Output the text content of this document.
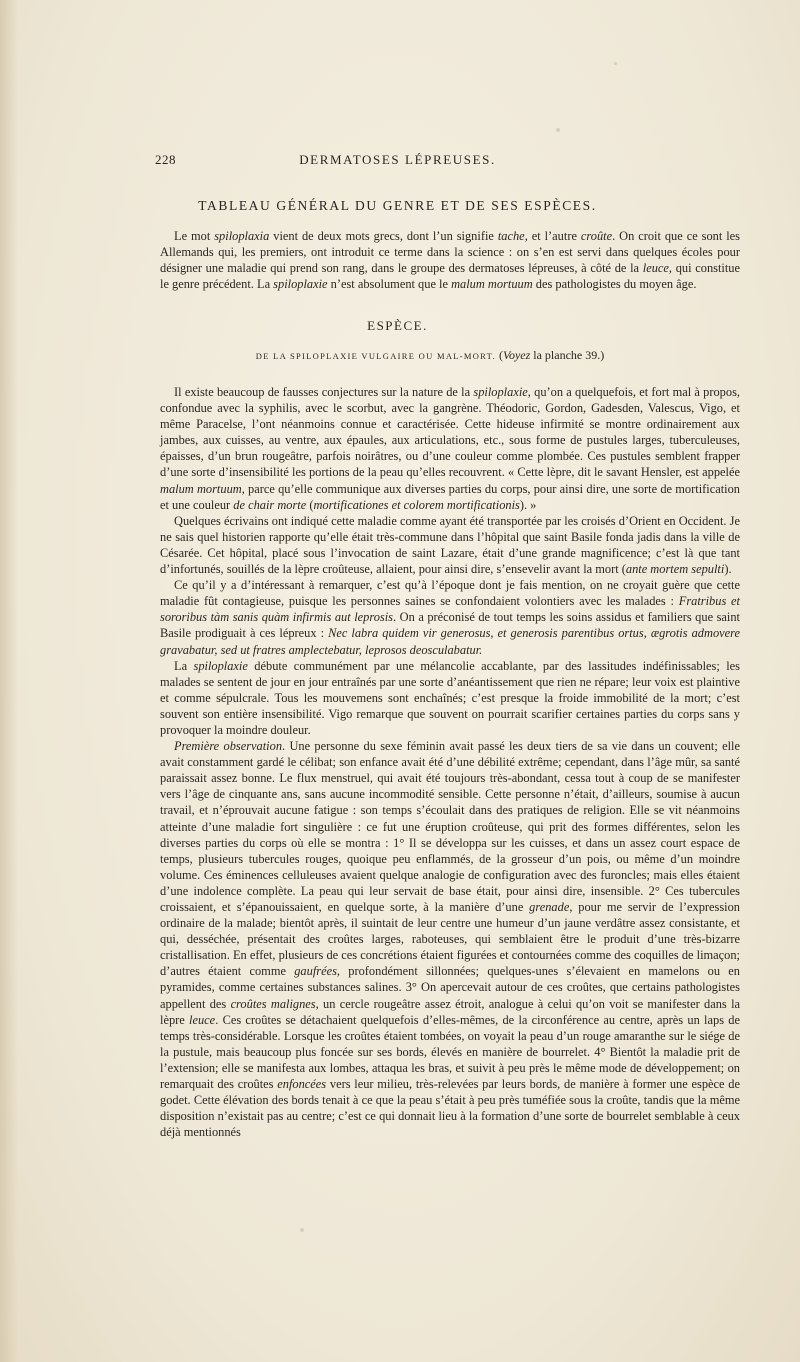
228	DERMATOSES LÉPREUSES.
TABLEAU GÉNÉRAL DU GENRE ET DE SES ESPÈCES.

Le mot spiloplaxia vient de deux mots grecs, dont l’un signifie tache, et l’autre croûte. On croit que ce sont les Allemands qui, les premiers, ont introduit ce terme dans la science : on s’en est servi dans quelques écoles pour désigner une maladie qui prend son rang, dans le groupe des dermatoses lépreuses, à côté de la leuce, qui constitue le genre précédent. La spiloplaxie n’est absolument que le malum mortuum des pathologistes du moyen âge.

ESPÈCE.
DE LA SPILOPLAXIE VULGAIRE OU MAL-MORT. (Voyez la planche 39.)

Il existe beaucoup de fausses conjectures sur la nature de la spiloplaxie, qu’on a quelquefois, et fort mal à propos, confondue avec la syphilis, avec le scorbut, avec la gangrène. Théodoric, Gordon, Gadesden, Valescus, Vigo, et même Paracelse, l’ont néanmoins connue et caractérisée. Cette hideuse infirmité se montre ordinairement aux jambes, aux cuisses, au ventre, aux épaules, aux articulations, etc., sous forme de pustules larges, tuberculeuses, épaisses, d’un brun rougeâtre, parfois noirâtres, ou d’une couleur comme plombée. Ces pustules semblent frapper d’une sorte d’insensibilité les portions de la peau qu’elles recouvrent. « Cette lèpre, dit le savant Hensler, est appelée malum mortuum, parce qu’elle communique aux diverses parties du corps, pour ainsi dire, une sorte de mortification et une couleur de chair morte (mortificationes et colorem mortificationis). »

Quelques écrivains ont indiqué cette maladie comme ayant été transportée par les croisés d’Orient en Occident. Je ne sais quel historien rapporte qu’elle était très-commune dans l’hôpital que saint Basile fonda jadis dans la ville de Césarée. Cet hôpital, placé sous l’invocation de saint Lazare, était d’une grande magnificence; c’est là que tant d’infortunés, souillés de la lèpre croûteuse, allaient, pour ainsi dire, s’ensevelir avant la mort (ante mortem sepulti).

Ce qu’il y a d’intéressant à remarquer, c’est qu’à l’époque dont je fais mention, on ne croyait guère que cette maladie fût contagieuse, puisque les personnes saines se confondaient volontiers avec les malades : Fratribus et sororibus tàm sanis quàm infirmis aut leprosis. On a préconisé de tout temps les soins assidus et familiers que saint Basile prodiguait à ces lépreux : Nec labra quidem vir generosus, et generosis parentibus ortus, ægrotis admovere gravabatur, sed ut fratres amplectebatur, leprosos deosculabatur.

La spiloplaxie débute communément par une mélancolie accablante, par des lassitudes indéfinissables; les malades se sentent de jour en jour entraînés par une sorte d’anéantissement que rien ne répare; leur voix est plaintive et comme sépulcrale. Tous les mouvemens sont enchaînés; c’est presque la froide immobilité de la mort; c’est souvent son entière insensibilité. Vigo remarque que souvent on pourrait scarifier certaines parties du corps sans y provoquer la moindre douleur.

Première observation. Une personne du sexe féminin avait passé les deux tiers de sa vie dans un couvent; elle avait constamment gardé le célibat; son enfance avait été d’une débilité extrême; cependant, dans l’âge mûr, sa santé paraissait assez bonne. Le flux menstruel, qui avait été toujours très-abondant, cessa tout à coup de se manifester vers l’âge de cinquante ans, sans aucune incommodité sensible. Cette personne n’était, d’ailleurs, soumise à aucun travail, et n’éprouvait aucune fatigue : son temps s’écoulait dans des pratiques de religion. Elle se vit néanmoins atteinte d’une maladie fort singulière : ce fut une éruption croûteuse, qui prit des formes différentes, selon les diverses parties du corps où elle se montra : 1° Il se développa sur les cuisses, et dans un assez court espace de temps, plusieurs tubercules rouges, quoique peu enflammés, de la grosseur d’un pois, ou même d’un moindre volume. Ces éminences celluleuses avaient quelque analogie de configuration avec des furoncles; mais elles étaient d’une indolence complète. La peau qui leur servait de base était, pour ainsi dire, insensible. 2° Ces tubercules croissaient, et s’épanouissaient, en quelque sorte, à la manière d’une grenade, pour me servir de l’expression ordinaire de la malade; bientôt après, il suintait de leur centre une humeur d’un jaune verdâtre assez consistante, et qui, desséchée, présentait des croûtes larges, raboteuses, qui semblaient être le produit d’une très-bizarre cristallisation. En effet, plusieurs de ces concrétions étaient figurées et contournées comme des coquilles de limaçon; d’autres étaient comme gaufrées, profondément sillonnées; quelques-unes s’élevaient en mamelons ou en pyramides, comme certaines substances salines. 3° On apercevait autour de ces croûtes, que certains pathologistes appellent des croûtes malignes, un cercle rougeâtre assez étroit, analogue à celui qu’on voit se manifester dans la lèpre leuce. Ces croûtes se détachaient quelquefois d’elles-mêmes, de la circonférence au centre, après un laps de temps très-considérable. Lorsque les croûtes étaient tombées, on voyait la peau d’un rouge amaranthe sur le siége de la pustule, mais beaucoup plus foncée sur ses bords, élevés en manière de bourrelet. 4° Bientôt la maladie prit de l’extension; elle se manifesta aux lombes, attaqua les bras, et suivit à peu près le même mode de développement; on remarquait des croûtes enfoncées vers leur milieu, très-relevées par leurs bords, de manière à former une espèce de godet. Cette élévation des bords tenait à ce que la peau s’était à peu près tuméfiée sous la croûte, tandis que la même disposition n’existait pas au centre; c’est ce qui donnait lieu à la formation d’une sorte de bourrelet semblable à ceux déjà mentionnés
